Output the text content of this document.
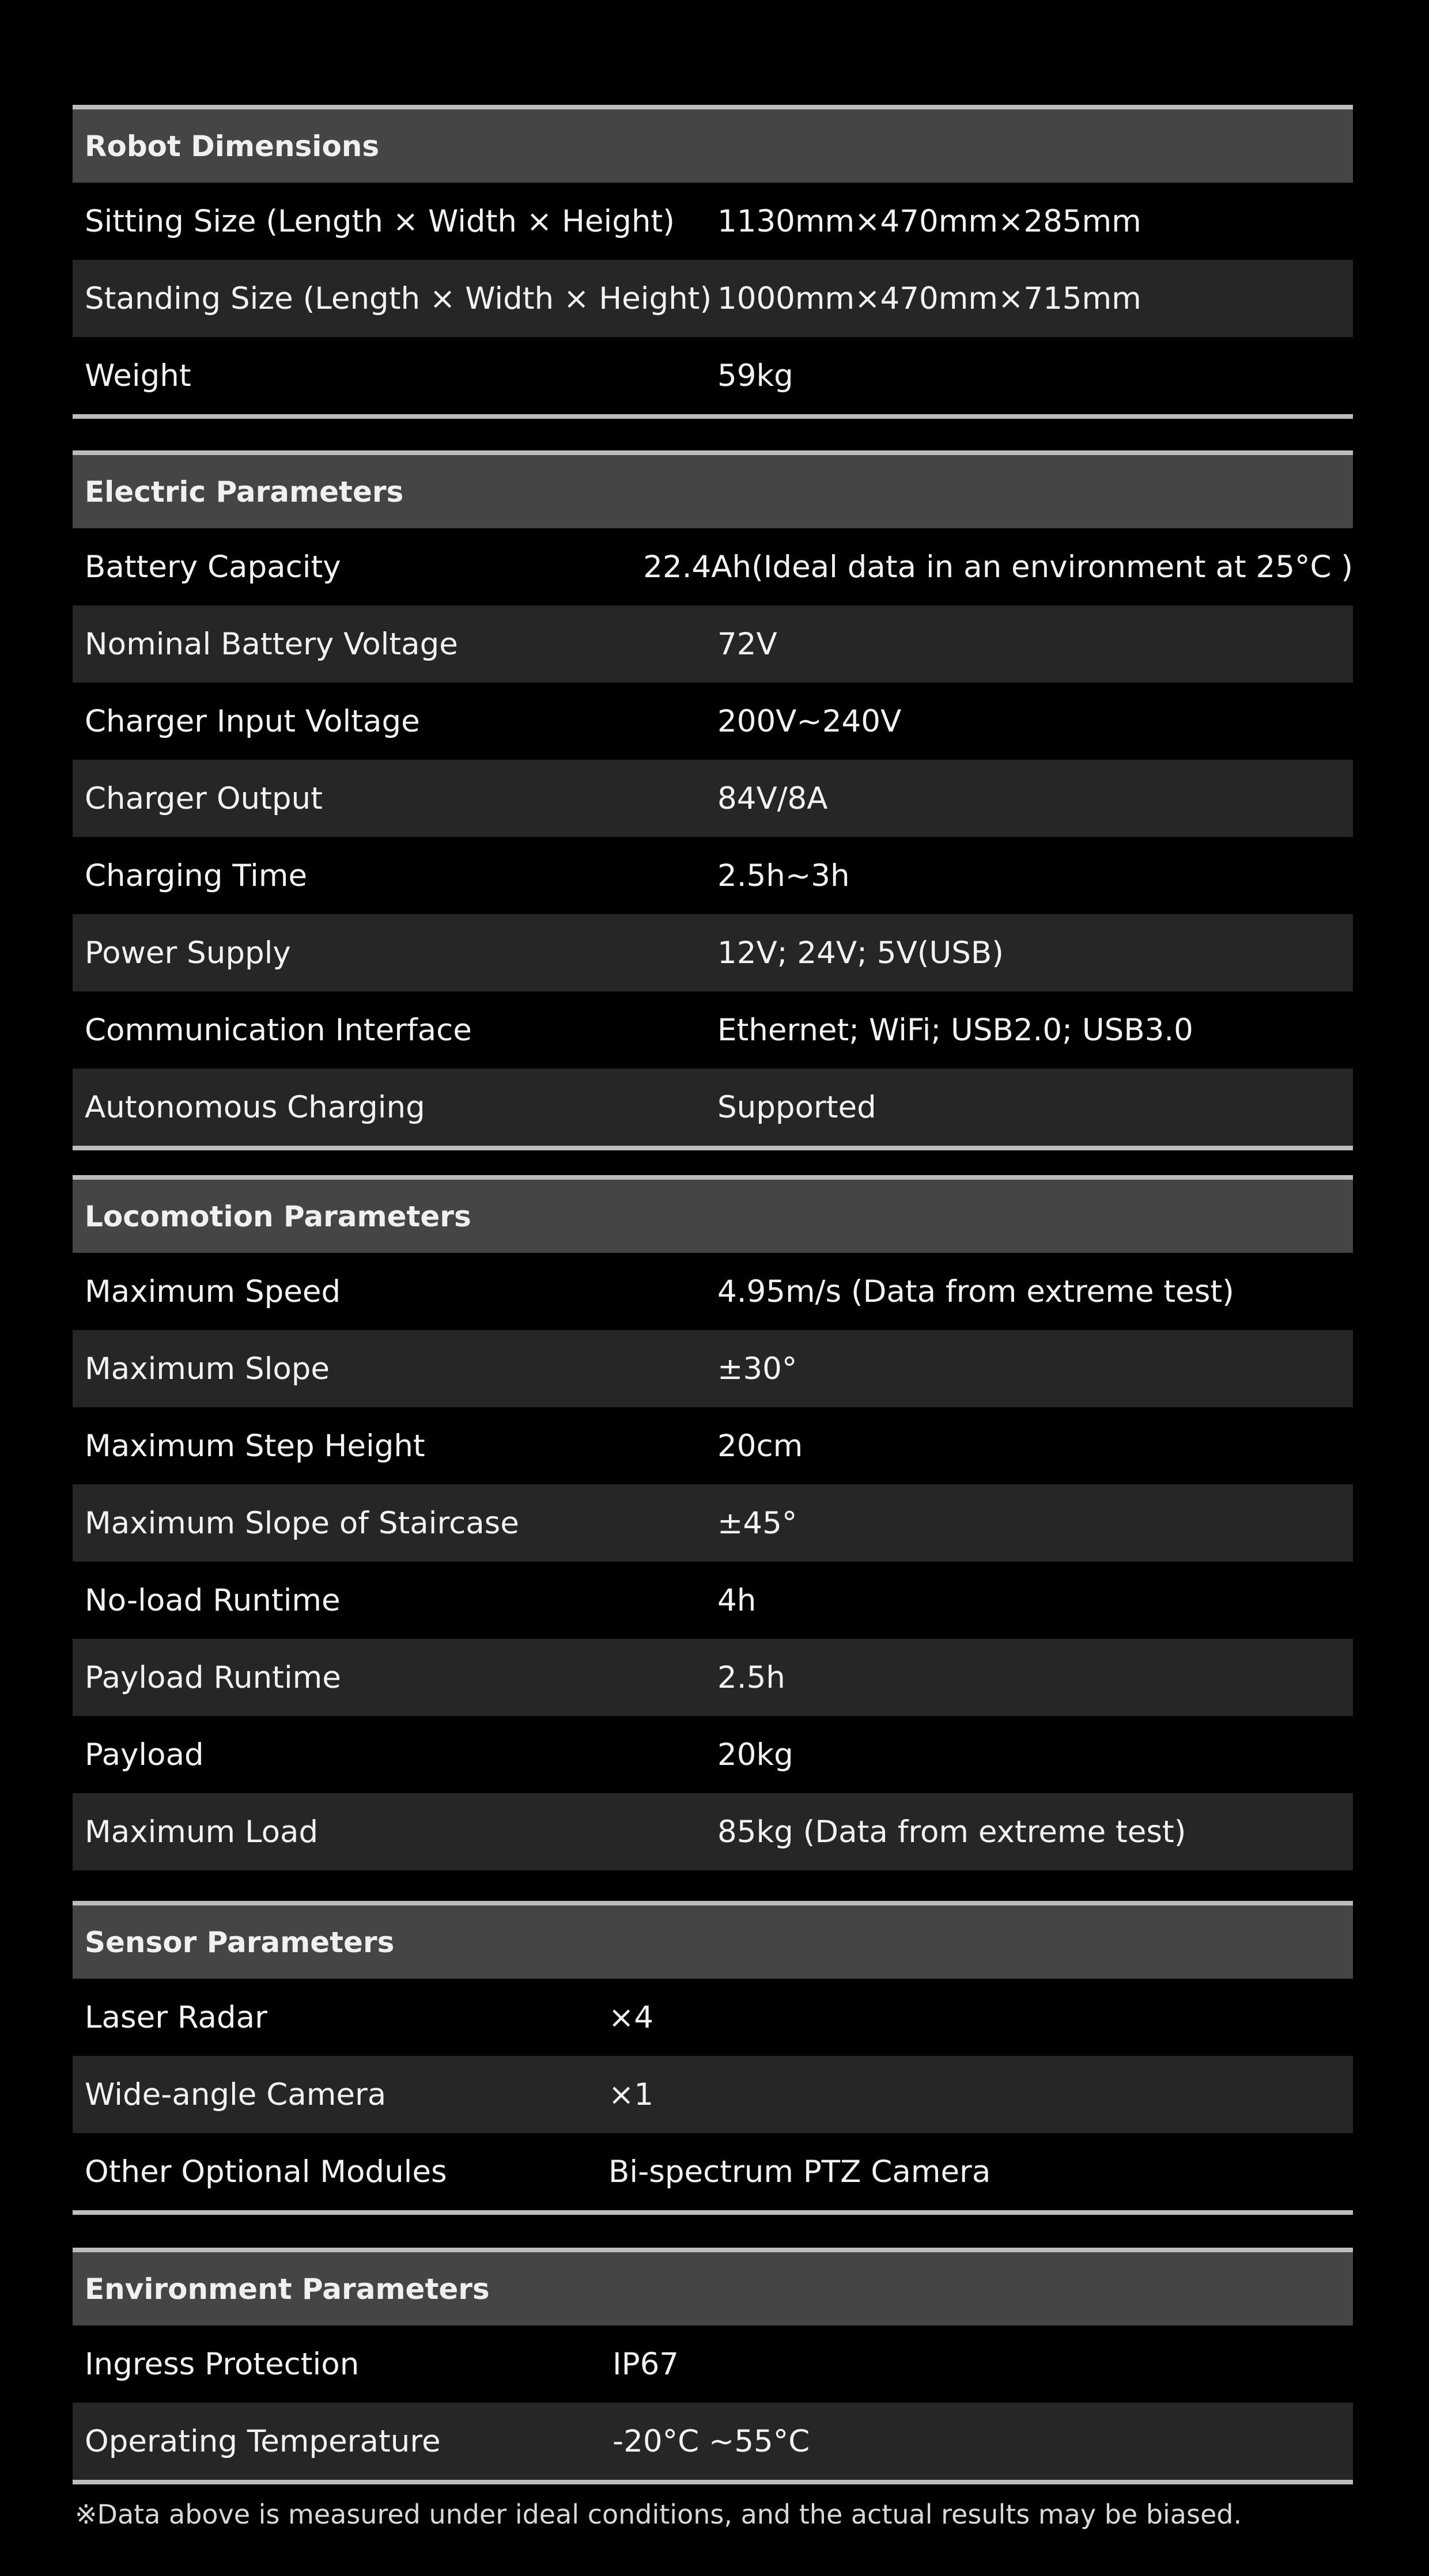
Robot Dimensions
Sitting Size (Length × Width × Height)	1130mm×470mm×285mm
Standing Size (Length × Width × Height) 1000mm×470mm×715mm
Weight	59kg
Electric Parameters
Battery Capacity	22.4Ah(Ideal data in an environment at 25°C )
Nominal Battery Voltage	72V
Charger Input Voltage	200V~240V
Charger Output	84V/8A
Charging Time	2.5h~3h
Power Supply	12V; 24V; 5V(USB)
Communication Interface	Ethernet; WiFi; USB2.0; USB3.0
Autonomous Charging	Supported
Locomotion Parameters
Maximum Speed	4.95m/s (Data from extreme test)
Maximum Slope	±30°
Maximum Step Height	20cm
Maximum Slope of Staircase	±45°
No-load Runtime	4h
Payload Runtime	2.5h
Payload	20kg
Maximum Load	85kg (Data from extreme test)
Sensor Parameters
Laser Radar	×4
Wide-angle Camera	×1
Other Optional Modules	Bi-spectrum PTZ Camera
Environment Parameters
Ingress Protection	IP67
Operating Temperature	-20°C ~55°C
※Data above is measured under ideal conditions, and the actual results may be biased.
